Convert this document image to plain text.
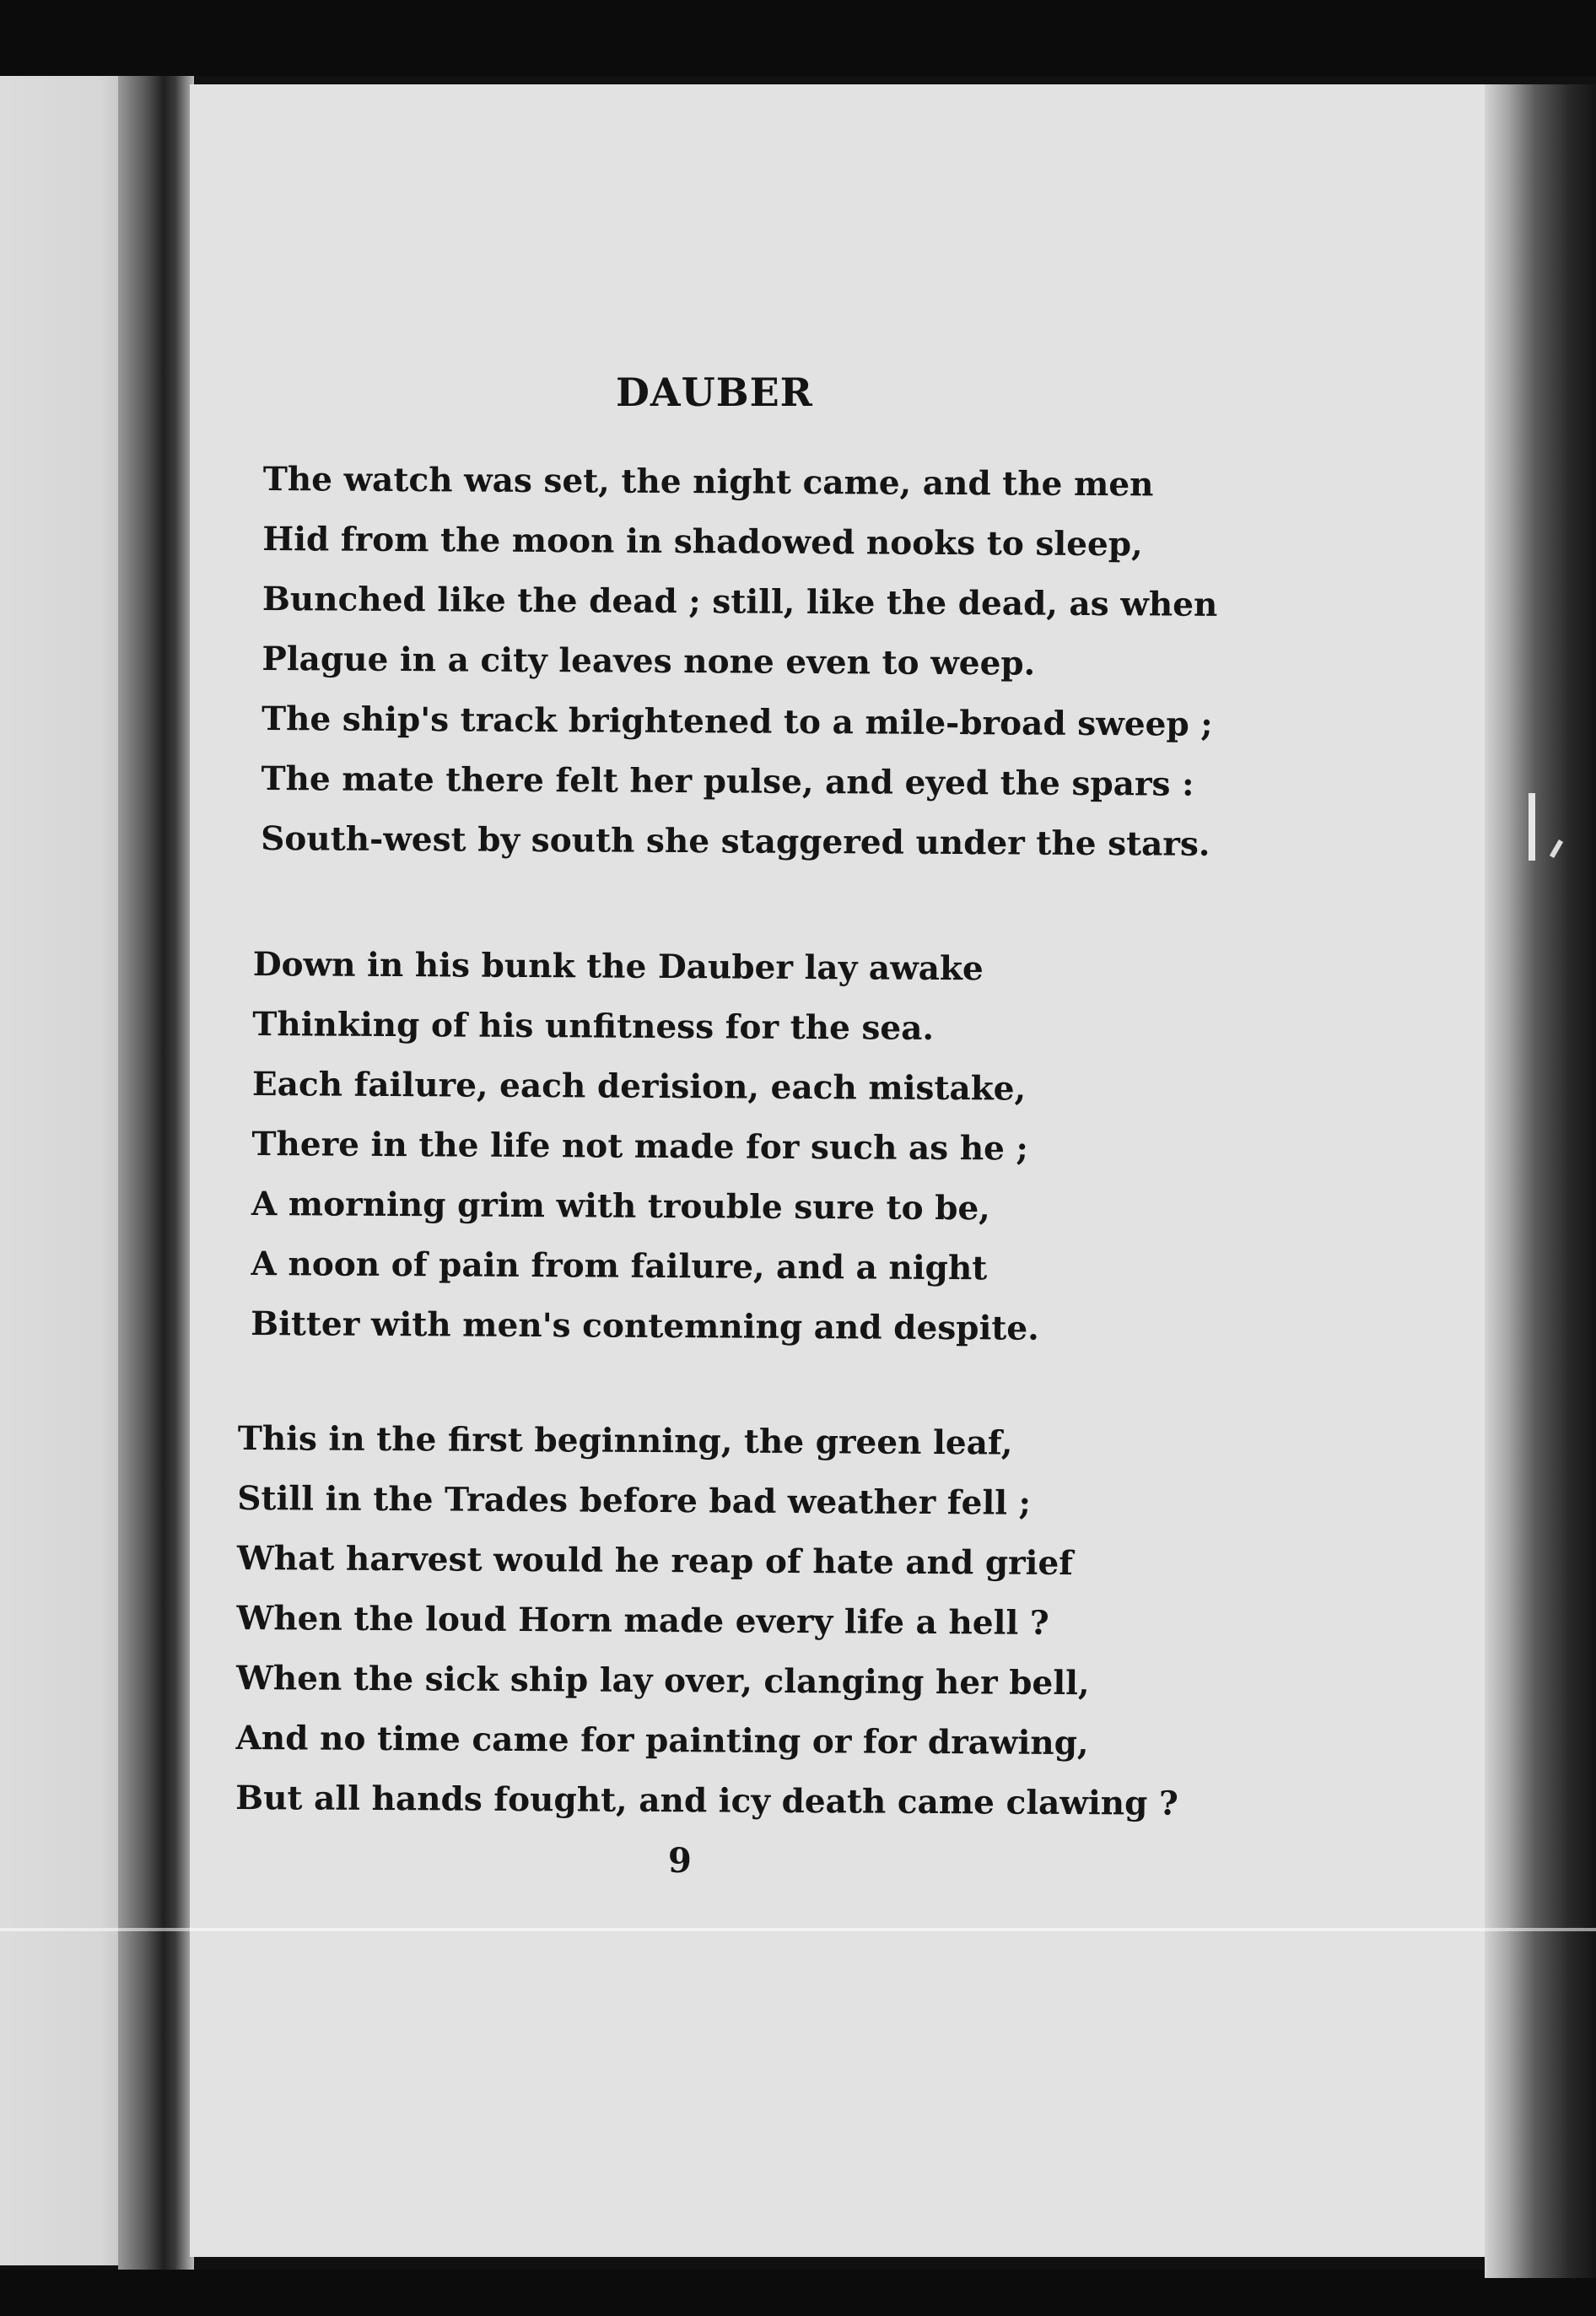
DAUBER
The watch was set, the night came, and the men
Hid from the moon in shadowed nooks to sleep,
Bunched like the dead ; still, like the dead, as when
Plague in a city leaves none even to weep.
The ship's track brightened to a mile-broad sweep ;
The mate there felt her pulse, and eyed the spars :
South-west by south she staggered under the stars.
Down in his bunk the Dauber lay awake
Thinking of his unfitness for the sea.
Each failure, each derision, each mistake,
There in the life not made for such as he ;
A morning grim with trouble sure to be,
A noon of pain from failure, and a night
Bitter with men's contemning and despite.
This in the first beginning, the green leaf,
Still in the Trades before bad weather fell ;
What harvest would he reap of hate and grief
When the loud Horn made every life a hell ?
When the sick ship lay over, clanging her bell,
And no time came for painting or for drawing,
But all hands fought, and icy death came clawing ?
9
